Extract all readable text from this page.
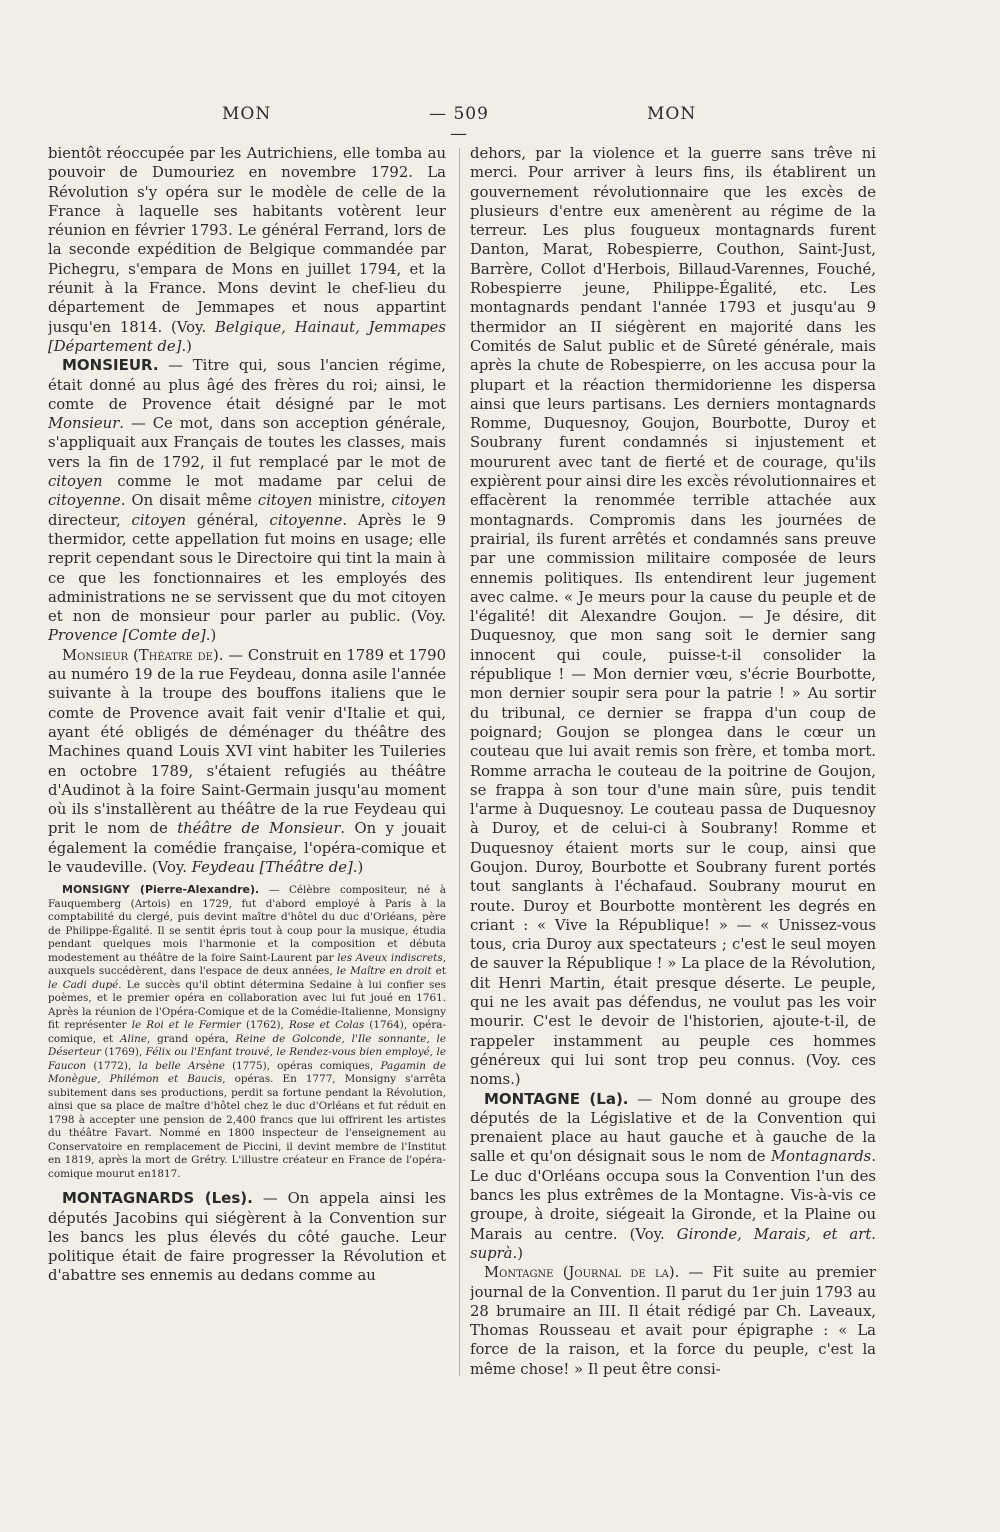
MON	— 509 —
MON

bientôt réoccupée par les Autrichiens, elle tomba au pouvoir de Dumouriez en novembre 1792. La Révolution s'y opéra sur le modèle de celle de la France à laquelle ses habitants votèrent leur réunion en février 1793. Le général Ferrand, lors de la seconde expédition de Belgique commandée par Pichegru, s'empara de Mons en juillet 1794, et la réunit à la France. Mons devint le chef-lieu du département de Jemmapes et nous appartint jusqu'en 1814. (Voy. Belgique, Hainaut, Jemmapes [Département de].)

MONSIEUR. — Titre qui, sous l'ancien régime, était donné au plus âgé des frères du roi; ainsi, le comte de Provence était désigné par le mot Monsieur. — Ce mot, dans son acception générale, s'appliquait aux Français de toutes les classes, mais vers la fin de 1792, il fut remplacé par le mot de citoyen comme le mot madame par celui de citoyenne. On disait même citoyen ministre, citoyen directeur, citoyen général, citoyenne. Après le 9 thermidor, cette appellation fut moins en usage; elle reprit cependant sous le Directoire qui tint la main à ce que les fonctionnaires et les employés des administrations ne se servissent que du mot citoyen et non de monsieur pour parler au public. (Voy. Provence [Comte de].)

Monsieur (Théatre de). — Construit en 1789 et 1790 au numéro 19 de la rue Feydeau, donna asile l'année suivante à la troupe des bouffons italiens que le comte de Provence avait fait venir d'Italie et qui, ayant été obligés de déménager du théâtre des Machines quand Louis XVI vint habiter les Tuileries en octobre 1789, s'étaient refugiés au théâtre d'Audinot à la foire Saint-Germain jusqu'au moment où ils s'installèrent au théâtre de la rue Feydeau qui prit le nom de théâtre de Monsieur. On y jouait également la comédie française, l'opéra-comique et le vaudeville. (Voy. Feydeau [Théâtre de].)

MONSIGNY (Pierre-Alexandre). — Célèbre compositeur, né à Fauquemberg (Artois) en 1729, fut d'abord employé à Paris à la comptabilité du clergé, puis devint maître d'hôtel du duc d'Orléans, père de Philippe-Égalité. Il se sentit épris tout à coup pour la musique, étudia pendant quelques mois l'harmonie et la composition et débuta modestement au théâtre de la foire Saint-Laurent par les Aveux indiscrets, auxquels succédèrent, dans l'espace de deux années, le Maître en droit et le Cadi dupé. Le succès qu'il obtint détermina Sedaine à lui confier ses poèmes, et le premier opéra en collaboration avec lui fut joué en 1761. Après la réunion de l'Opéra-Comique et de la Comédie-Italienne, Monsigny fit représenter le Roi et le Fermier (1762), Rose et Colas (1764), opéra-comique, et Aline, grand opéra, Reine de Golconde, l'Ile sonnante, le Déserteur (1769), Félix ou l'Enfant trouvé, le Rendez-vous bien employé, le Faucon (1772), la belle Arsène (1775), opéras comiques, Pagamin de Monègue, Philémon et Baucis, opéras. En 1777, Monsigny s'arrêta subitement dans ses productions, perdit sa fortune pendant la Révolution, ainsi que sa place de maître d'hôtel chez le duc d'Orléans et fut réduit en 1798 à accepter une pension de 2,400 francs que lui offrirent les artistes du théâtre Favart. Nommé en 1800 inspecteur de l'enseignement au Conservatoire en remplacement de Piccini, il devint membre de l'Institut en 1819, après la mort de Grétry. L'illustre créateur en France de l'opéra-comique mourut en1817.

MONTAGNARDS (Les). — On appela ainsi les députés Jacobins qui siégèrent à la Convention sur les bancs les plus élevés du côté gauche. Leur politique était de faire progresser la Révolution et d'abattre ses ennemis au dedans comme au

dehors, par la violence et la guerre sans trêve ni merci. Pour arriver à leurs fins, ils établirent un gouvernement révolutionnaire que les excès de plusieurs d'entre eux amenèrent au régime de la terreur. Les plus fougueux montagnards furent Danton, Marat, Robespierre, Couthon, Saint-Just, Barrère, Collot d'Herbois, Billaud-Varennes, Fouché, Robespierre jeune, Philippe-Égalité, etc. Les montagnards pendant l'année 1793 et jusqu'au 9 thermidor an II siégèrent en majorité dans les Comités de Salut public et de Sûreté générale, mais après la chute de Robespierre, on les accusa pour la plupart et la réaction thermidorienne les dispersa ainsi que leurs partisans. Les derniers montagnards Romme, Duquesnoy, Goujon, Bourbotte, Duroy et Soubrany furent condamnés si injustement et moururent avec tant de fierté et de courage, qu'ils expièrent pour ainsi dire les excès révolutionnaires et effacèrent la renommée terrible attachée aux montagnards. Compromis dans les journées de prairial, ils furent arrêtés et condamnés sans preuve par une commission militaire composée de leurs ennemis politiques. Ils entendirent leur jugement avec calme. « Je meurs pour la cause du peuple et de l'égalité! dit Alexandre Goujon. — Je désire, dit Duquesnoy, que mon sang soit le dernier sang innocent qui coule, puisse-t-il consolider la république ! — Mon dernier vœu, s'écrie Bourbotte, mon dernier soupir sera pour la patrie ! » Au sortir du tribunal, ce dernier se frappa d'un coup de poignard; Goujon se plongea dans le cœur un couteau que lui avait remis son frère, et tomba mort. Romme arracha le couteau de la poitrine de Goujon, se frappa à son tour d'une main sûre, puis tendit l'arme à Duquesnoy. Le couteau passa de Duquesnoy à Duroy, et de celui-ci à Soubrany! Romme et Duquesnoy étaient morts sur le coup, ainsi que Goujon. Duroy, Bourbotte et Soubrany furent portés tout sanglants à l'échafaud. Soubrany mourut en route. Duroy et Bourbotte montèrent les degrés en criant : « Vive la République! » — « Unissez-vous tous, cria Duroy aux spectateurs ; c'est le seul moyen de sauver la République ! » La place de la Révolution, dit Henri Martin, était presque déserte. Le peuple, qui ne les avait pas défendus, ne voulut pas les voir mourir. C'est le devoir de l'historien, ajoute-t-il, de rappeler instamment au peuple ces hommes généreux qui lui sont trop peu connus. (Voy. ces noms.)

MONTAGNE (La). — Nom donné au groupe des députés de la Législative et de la Convention qui prenaient place au haut gauche et à gauche de la salle et qu'on désignait sous le nom de Montagnards. Le duc d'Orléans occupa sous la Convention l'un des bancs les plus extrêmes de la Montagne. Vis-à-vis ce groupe, à droite, siégeait la Gironde, et la Plaine ou Marais au centre. (Voy. Gironde, Marais, et art. suprà.)

Montagne (Journal de la). — Fit suite au premier journal de la Convention. Il parut du 1er juin 1793 au 28 brumaire an III. Il était rédigé par Ch. Laveaux, Thomas Rousseau et avait pour épigraphe : « La force de la raison, et la force du peuple, c'est la même chose! » Il peut être consi-
